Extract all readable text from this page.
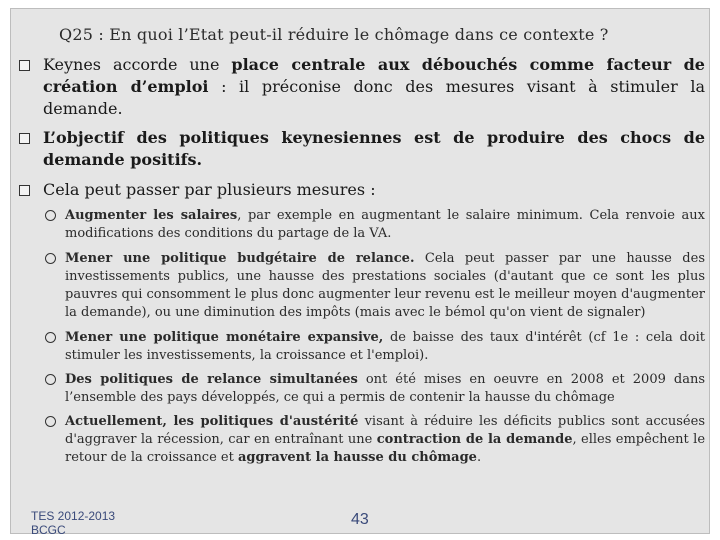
Q25 : En quoi l’Etat peut-il réduire le chômage dans ce contexte ?
Keynes accorde une place centrale aux débouchés comme facteur de création d’emploi : il préconise donc des mesures visant à stimuler la demande.
L’objectif des politiques keynesiennes est de produire des chocs de demande positifs.
Cela peut passer par plusieurs mesures :
Augmenter les salaires, par exemple en augmentant le salaire minimum. Cela renvoie aux modifications des conditions du partage de la VA.
Mener une politique budgétaire de relance. Cela peut passer par une hausse des investissements publics, une hausse des prestations sociales (d'autant que ce sont les plus pauvres qui consomment le plus donc augmenter leur revenu est le meilleur moyen d'augmenter la demande), ou une diminution des impôts (mais avec le bémol qu'on vient de signaler)
Mener une politique monétaire expansive, de baisse des taux d'intérêt (cf 1e : cela doit stimuler les investissements, la croissance et l'emploi).
Des politiques de relance simultanées ont été mises en oeuvre en 2008 et 2009 dans l’ensemble des pays développés, ce qui a permis de contenir la hausse du chômage
Actuellement, les politiques d'austérité visant à réduire les déficits publics sont accusées d'aggraver la récession, car en entraînant une contraction de la demande, elles empêchent le retour de la croissance et aggravent la hausse du chômage.
TES 2012-2013 BCGC
43
